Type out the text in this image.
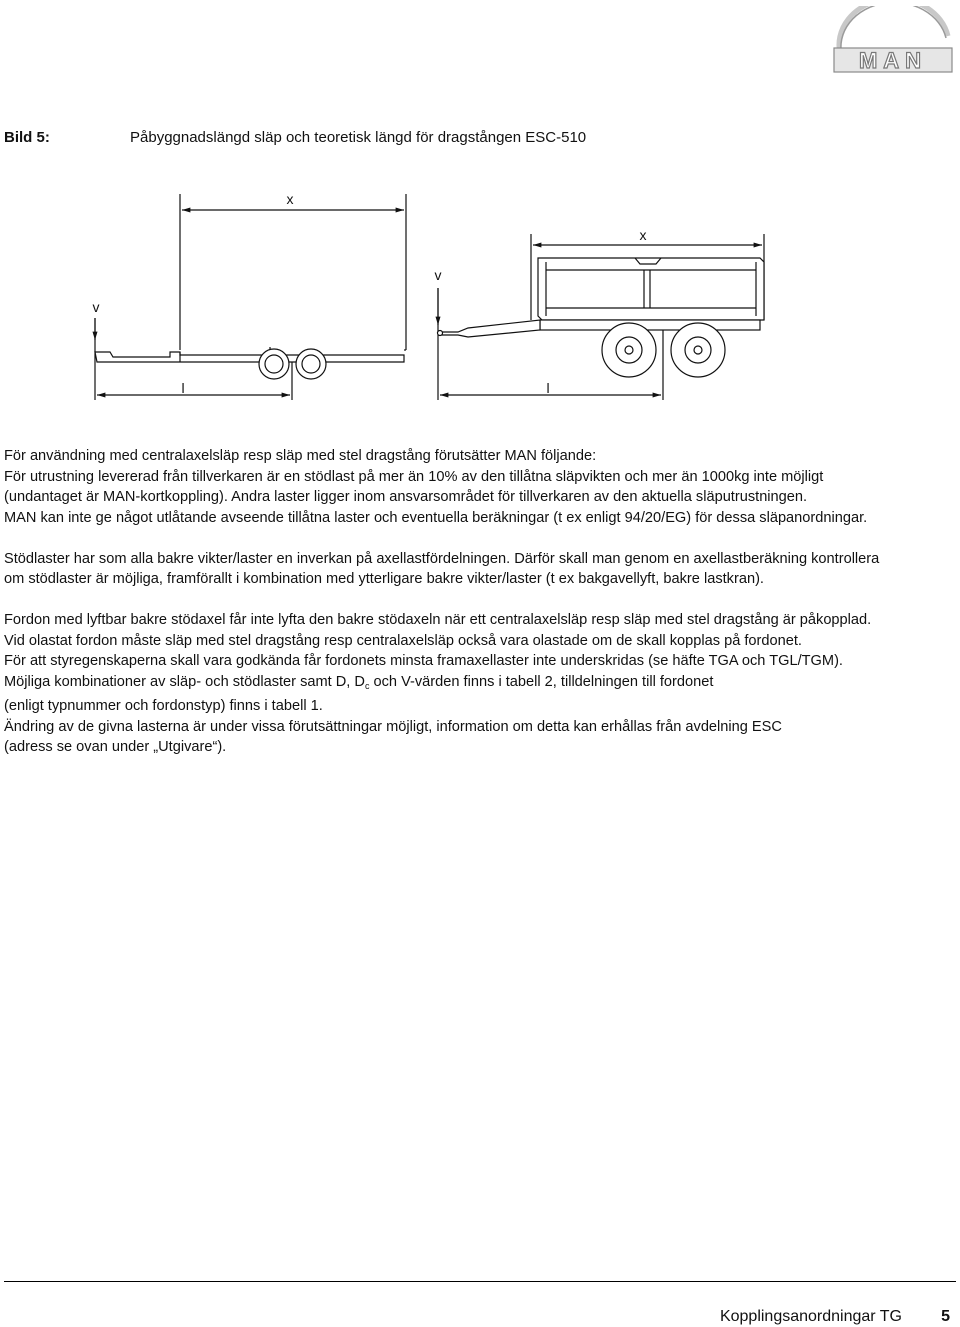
MAN
Bild 5:	Påbyggnadslängd släp och teoretisk längd för dragstången ESC-510
x
v
l
x
v
l

För användning med centralaxelsläp resp släp med stel dragstång förutsätter MAN följande:
För utrustning levererad från tillverkaren är en stödlast på mer än 10% av den tillåtna släpvikten och mer än 1000kg inte möjligt
(undantaget är MAN-kortkoppling). Andra laster ligger inom ansvarsområdet för tillverkaren av den aktuella släputrustningen.
MAN kan inte ge något utlåtande avseende tillåtna laster och eventuella beräkningar (t ex enligt 94/20/EG) för dessa släpanordningar.

Stödlaster har som alla bakre vikter/laster en inverkan på axellastfördelningen. Därför skall man genom en axellastberäkning kontrollera
om stödlaster är möjliga, framförallt i kombination med ytterligare bakre vikter/laster (t ex bakgavellyft, bakre lastkran).

Fordon med lyftbar bakre stödaxel får inte lyfta den bakre stödaxeln när ett centralaxelsläp resp släp med stel dragstång är påkopplad.
Vid olastat fordon måste släp med stel dragstång resp centralaxelsläp också vara olastade om de skall kopplas på fordonet.
För att styregenskaperna skall vara godkända får fordonets minsta framaxellaster inte underskridas (se häfte TGA och TGL/TGM).
Möjliga kombinationer av släp- och stödlaster samt D, $D_c$ och V-värden finns i tabell 2, tilldelningen till fordonet
(enligt typnummer och fordonstyp) finns i tabell 1.
Ändring av de givna lasterna är under vissa förutsättningar möjligt, information om detta kan erhållas från avdelning ESC
(adress se ovan under „Utgivare“).

Kopplingsanordningar TG 5
